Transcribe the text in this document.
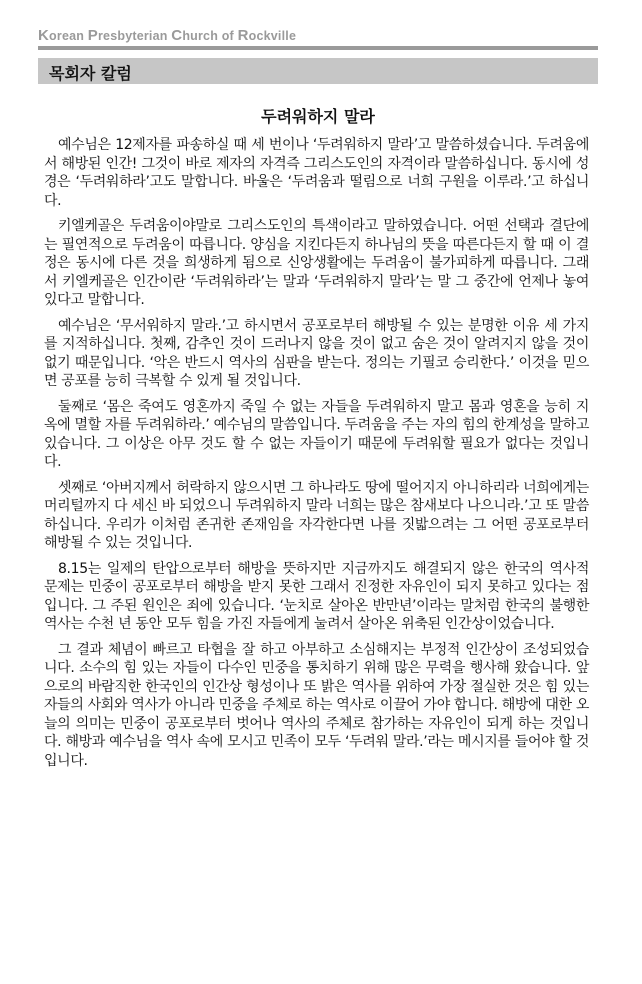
Korean Presbyterian Church of Rockville
목회자 칼럼
두려워하지 말라

예수님은 12제자를 파송하실 때 세 번이나 ‘두려워하지 말라’고 말씀하셨습니다. 두려움에서 해방된 인간! 그것이 바로 제자의 자격즉 그리스도인의 자격이라 말씀하십니다. 동시에 성경은 ‘두려워하라’고도 말합니다. 바울은 ‘두려움과 떨림으로 너희 구원을 이루라.’고 하십니다.

키엘케골은 두려움이야말로 그리스도인의 특색이라고 말하였습니다. 어떤 선택과 결단에는 필연적으로 두려움이 따릅니다. 양심을 지킨다든지 하나님의 뜻을 따른다든지 할 때 이 결정은 동시에 다른 것을 희생하게 됨으로 신앙생활에는 두려움이 불가피하게 따릅니다. 그래서 키엘케골은 인간이란 ‘두려워하라’는 말과 ‘두려워하지 말라’는 말 그 중간에 언제나 놓여있다고 말합니다.

예수님은 ‘무서워하지 말라.’고 하시면서 공포로부터 해방될 수 있는 분명한 이유 세 가지를 지적하십니다. 첫째, 감추인 것이 드러나지 않을 것이 없고 숨은 것이 알려지지 않을 것이 없기 때문입니다. ‘악은 반드시 역사의 심판을 받는다. 정의는 기필코 승리한다.’ 이것을 믿으면 공포를 능히 극복할 수 있게 될 것입니다.

둘째로 ‘몸은 죽여도 영혼까지 죽일 수 없는 자들을 두려워하지 말고 몸과 영혼을 능히 지옥에 멸할 자를 두려워하라.’ 예수님의 말씀입니다. 두려움을 주는 자의 힘의 한계성을 말하고 있습니다. 그 이상은 아무 것도 할 수 없는 자들이기 때문에 두려워할 필요가 없다는 것입니다.

셋째로 ‘아버지께서 허락하지 않으시면 그 하나라도 땅에 떨어지지 아니하리라 너희에게는 머리털까지 다 세신 바 되었으니 두려워하지 말라 너희는 많은 참새보다 나으니라.’고 또 말씀하십니다. 우리가 이처럼 존귀한 존재임을 자각한다면 나를 짓밟으려는 그 어떤 공포로부터 해방될 수 있는 것입니다.

8.15는 일제의 탄압으로부터 해방을 뜻하지만 지금까지도 해결되지 않은 한국의 역사적 문제는 민중이 공포로부터 해방을 받지 못한 그래서 진정한 자유인이 되지 못하고 있다는 점입니다. 그 주된 원인은 죄에 있습니다. ‘눈치로 살아온 반만년’이라는 말처럼 한국의 불행한 역사는 수천 년 동안 모두 힘을 가진 자들에게 눌려서 살아온 위축된 인간상이었습니다.

그 결과 체념이 빠르고 타협을 잘 하고 아부하고 소심해지는 부정적 인간상이 조성되었습니다. 소수의 힘 있는 자들이 다수인 민중을 통치하기 위해 많은 무력을 행사해 왔습니다. 앞으로의 바람직한 한국인의 인간상 형성이나 또 밝은 역사를 위하여 가장 절실한 것은 힘 있는 자들의 사회와 역사가 아니라 민중을 주체로 하는 역사로 이끌어 가야 합니다. 해방에 대한 오늘의 의미는 민중이 공포로부터 벗어나 역사의 주체로 참가하는 자유인이 되게 하는 것입니다. 해방과 예수님을 역사 속에 모시고 민족이 모두 ‘두려워 말라.’라는 메시지를 들어야 할 것입니다.
